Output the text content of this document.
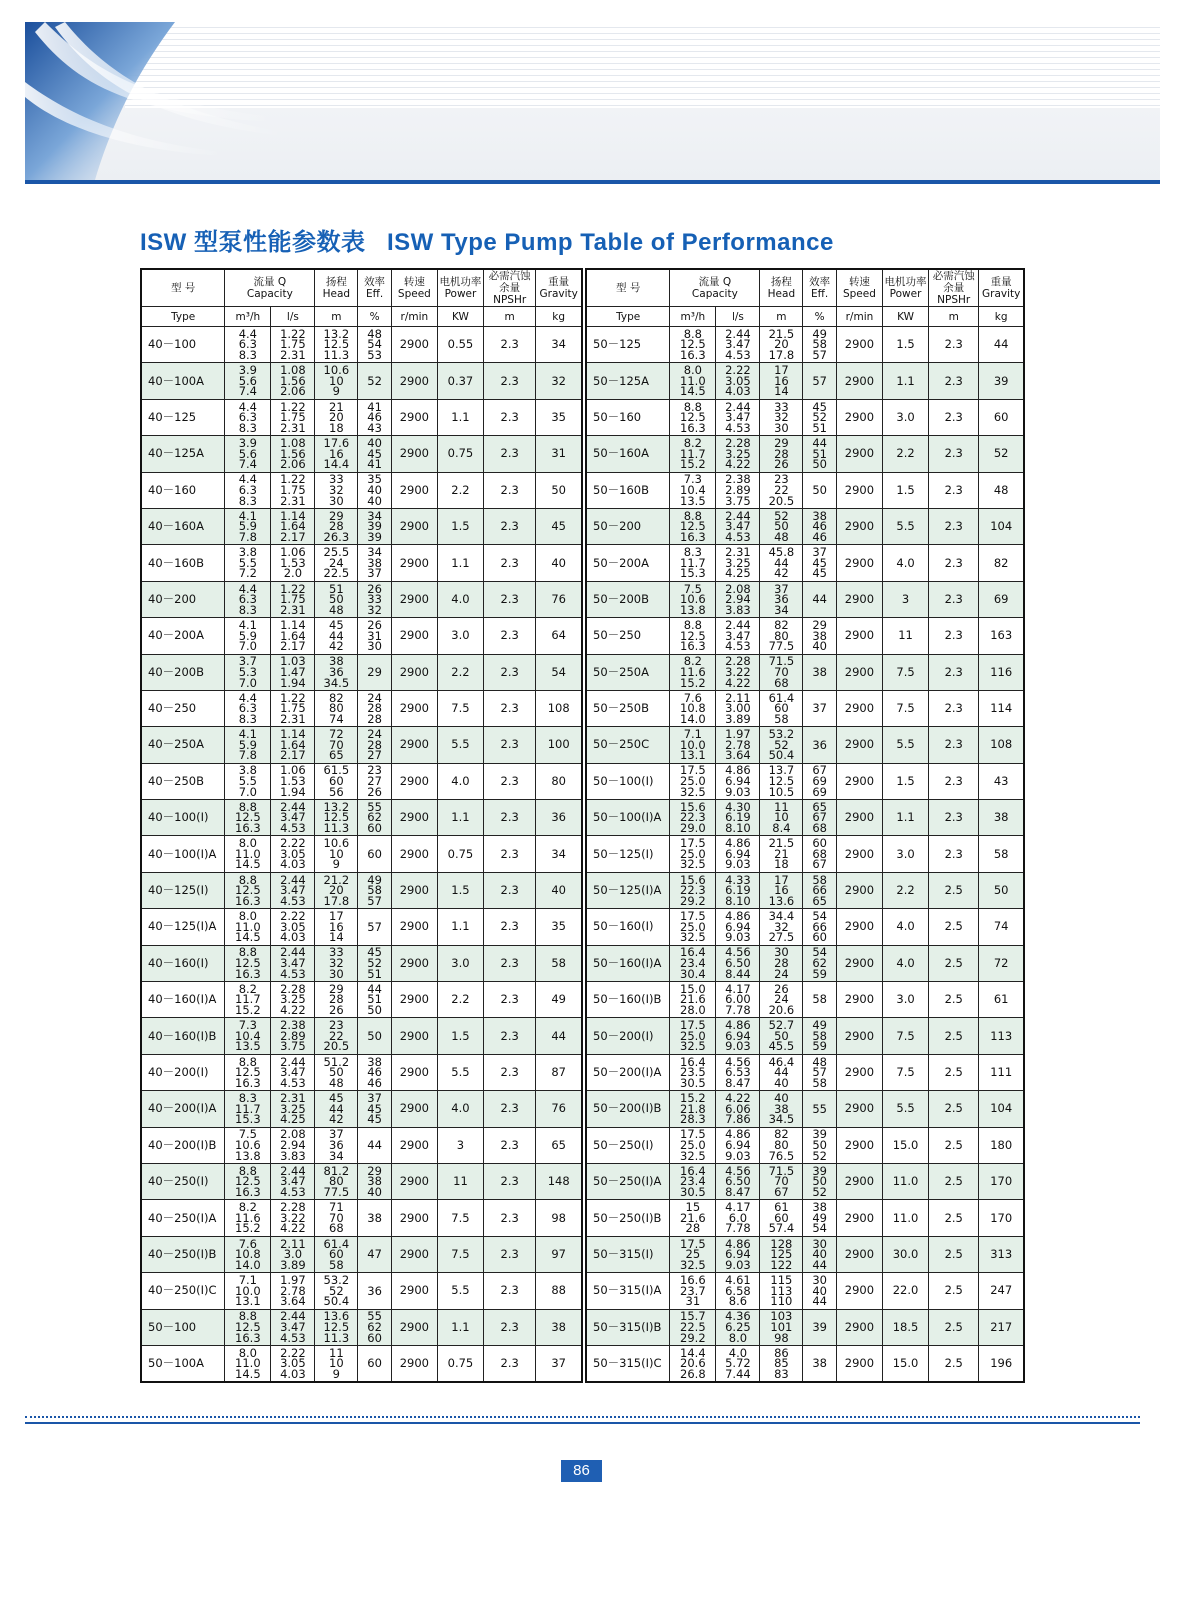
ISW 型泵性能参数表   ISW Type Pump Table of Performance
型 号	流量 Q
Capacity		扬程
Head	效率
Eff.	转速
Speed	电机功率
Power	必需汽蚀余量
NPSHr	重量
Gravity

Type	m³/h	l/s	m	%	r/min	KW	m	kg
40－100	4.4
6.3
8.3	1.22
1.75
2.31	13.2
12.5
11.3	48
54
53	2900	0.55	2.3	34
40－100A	3.9
5.6
7.4	1.08
1.56
2.06	10.6
10
9	52	2900	0.37	2.3	32
40－125	4.4
6.3
8.3	1.22
1.75
2.31	21
20
18	41
46
43	2900	1.1	2.3	35
40－125A	3.9
5.6
7.4	1.08
1.56
2.06	17.6
16
14.4	40
45
41	2900	0.75	2.3	31
40－160	4.4
6.3
8.3	1.22
1.75
2.31	33
32
30	35
40
40	2900	2.2	2.3	50
40－160A	4.1
5.9
7.8	1.14
1.64
2.17	29
28
26.3	34
39
39	2900	1.5	2.3	45
40－160B	3.8
5.5
7.2	1.06
1.53
2.0	25.5
24
22.5	34
38
37	2900	1.1	2.3	40
40－200	4.4
6.3
8.3	1.22
1.75
2.31	51
50
48	26
33
32	2900	4.0	2.3	76
40－200A	4.1
5.9
7.0	1.14
1.64
2.17	45
44
42	26
31
30	2900	3.0	2.3	64
40－200B	3.7
5.3
7.0	1.03
1.47
1.94	38
36
34.5	29	2900	2.2	2.3	54
40－250	4.4
6.3
8.3	1.22
1.75
2.31	82
80
74	24
28
28	2900	7.5	2.3	108
40－250A	4.1
5.9
7.8	1.14
1.64
2.17	72
70
65	24
28
27	2900	5.5	2.3	100
40－250B	3.8
5.5
7.0	1.06
1.53
1.94	61.5
60
56	23
27
26	2900	4.0	2.3	80
40－100(I)	8.8
12.5
16.3	2.44
3.47
4.53	13.2
12.5
11.3	55
62
60	2900	1.1	2.3	36
40－100(I)A	8.0
11.0
14.5	2.22
3.05
4.03	10.6
10
9	60	2900	0.75	2.3	34
40－125(I)	8.8
12.5
16.3	2.44
3.47
4.53	21.2
20
17.8	49
58
57	2900	1.5	2.3	40
40－125(I)A	8.0
11.0
14.5	2.22
3.05
4.03	17
16
14	57	2900	1.1	2.3	35
40－160(I)	8.8
12.5
16.3	2.44
3.47
4.53	33
32
30	45
52
51	2900	3.0	2.3	58
40－160(I)A	8.2
11.7
15.2	2.28
3.25
4.22	29
28
26	44
51
50	2900	2.2	2.3	49
40－160(I)B	7.3
10.4
13.5	2.38
2.89
3.75	23
22
20.5	50	2900	1.5	2.3	44
40－200(I)	8.8
12.5
16.3	2.44
3.47
4.53	51.2
50
48	38
46
46	2900	5.5	2.3	87
40－200(I)A	8.3
11.7
15.3	2.31
3.25
4.25	45
44
42	37
45
45	2900	4.0	2.3	76
40－200(I)B	7.5
10.6
13.8	2.08
2.94
3.83	37
36
34	44	2900	3	2.3	65
40－250(I)	8.8
12.5
16.3	2.44
3.47
4.53	81.2
80
77.5	29
38
40	2900	11	2.3	148
40－250(I)A	8.2
11.6
15.2	2.28
3.22
4.22	71
70
68	38	2900	7.5	2.3	98
40－250(I)B	7.6
10.8
14.0	2.11
3.0
3.89	61.4
60
58	47	2900	7.5	2.3	97
40－250(I)C	7.1
10.0
13.1	1.97
2.78
3.64	53.2
52
50.4	36	2900	5.5	2.3	88
50－100	8.8
12.5
16.3	2.44
3.47
4.53	13.6
12.5
11.3	55
62
60	2900	1.1	2.3	38
50－100A	8.0
11.0
14.5	2.22
3.05
4.03	11
10
9	60	2900	0.75	2.3	37
型 号	流量 Q
Capacity		扬程
Head	效率
Eff.	转速
Speed	电机功率
Power	必需汽蚀余量
NPSHr	重量
Gravity

Type	m³/h	l/s	m	%	r/min	KW	m	kg
50－125	8.8
12.5
16.3	2.44
3.47
4.53	21.5
20
17.8	49
58
57	2900	1.5	2.3	44
50－125A	8.0
11.0
14.5	2.22
3.05
4.03	17
16
14	57	2900	1.1	2.3	39
50－160	8.8
12.5
16.3	2.44
3.47
4.53	33
32
30	45
52
51	2900	3.0	2.3	60
50－160A	8.2
11.7
15.2	2.28
3.25
4.22	29
28
26	44
51
50	2900	2.2	2.3	52
50－160B	7.3
10.4
13.5	2.38
2.89
3.75	23
22
20.5	50	2900	1.5	2.3	48
50－200	8.8
12.5
16.3	2.44
3.47
4.53	52
50
48	38
46
46	2900	5.5	2.3	104
50－200A	8.3
11.7
15.3	2.31
3.25
4.25	45.8
44
42	37
45
45	2900	4.0	2.3	82
50－200B	7.5
10.6
13.8	2.08
2.94
3.83	37
36
34	44	2900	3	2.3	69
50－250	8.8
12.5
16.3	2.44
3.47
4.53	82
80
77.5	29
38
40	2900	11	2.3	163
50－250A	8.2
11.6
15.2	2.28
3.22
4.22	71.5
70
68	38	2900	7.5	2.3	116
50－250B	7.6
10.8
14.0	2.11
3.00
3.89	61.4
60
58	37	2900	7.5	2.3	114
50－250C	7.1
10.0
13.1	1.97
2.78
3.64	53.2
52
50.4	36	2900	5.5	2.3	108
50－100(I)	17.5
25.0
32.5	4.86
6.94
9.03	13.7
12.5
10.5	67
69
69	2900	1.5	2.3	43
50－100(I)A	15.6
22.3
29.0	4.30
6.19
8.10	11
10
8.4	65
67
68	2900	1.1	2.3	38
50－125(I)	17.5
25.0
32.5	4.86
6.94
9.03	21.5
21
18	60
68
67	2900	3.0	2.3	58
50－125(I)A	15.6
22.3
29.2	4.33
6.19
8.10	17
16
13.6	58
66
65	2900	2.2	2.5	50
50－160(I)	17.5
25.0
32.5	4.86
6.94
9.03	34.4
32
27.5	54
66
60	2900	4.0	2.5	74
50－160(I)A	16.4
23.4
30.4	4.56
6.50
8.44	30
28
24	54
62
59	2900	4.0	2.5	72
50－160(I)B	15.0
21.6
28.0	4.17
6.00
7.78	26
24
20.6	58	2900	3.0	2.5	61
50－200(I)	17.5
25.0
32.5	4.86
6.94
9.03	52.7
50
45.5	49
58
59	2900	7.5	2.5	113
50－200(I)A	16.4
23.5
30.5	4.56
6.53
8.47	46.4
44
40	48
57
58	2900	7.5	2.5	111
50－200(I)B	15.2
21.8
28.3	4.22
6.06
7.86	40
38
34.5	55	2900	5.5	2.5	104
50－250(I)	17.5
25.0
32.5	4.86
6.94
9.03	82
80
76.5	39
50
52	2900	15.0	2.5	180
50－250(I)A	16.4
23.4
30.5	4.56
6.50
8.47	71.5
70
67	39
50
52	2900	11.0	2.5	170
50－250(I)B	15
21.6
28	4.17
6.0
7.78	61
60
57.4	38
49
54	2900	11.0	2.5	170
50－315(I)	17.5
25
32.5	4.86
6.94
9.03	128
125
122	30
40
44	2900	30.0	2.5	313
50－315(I)A	16.6
23.7
31	4.61
6.58
8.6	115
113
110	30
40
44	2900	22.0	2.5	247
50－315(I)B	15.7
22.5
29.2	4.36
6.25
8.0	103
101
98	39	2900	18.5	2.5	217
50－315(I)C	14.4
20.6
26.8	4.0
5.72
7.44	86
85
83	38	2900	15.0	2.5	196
86
